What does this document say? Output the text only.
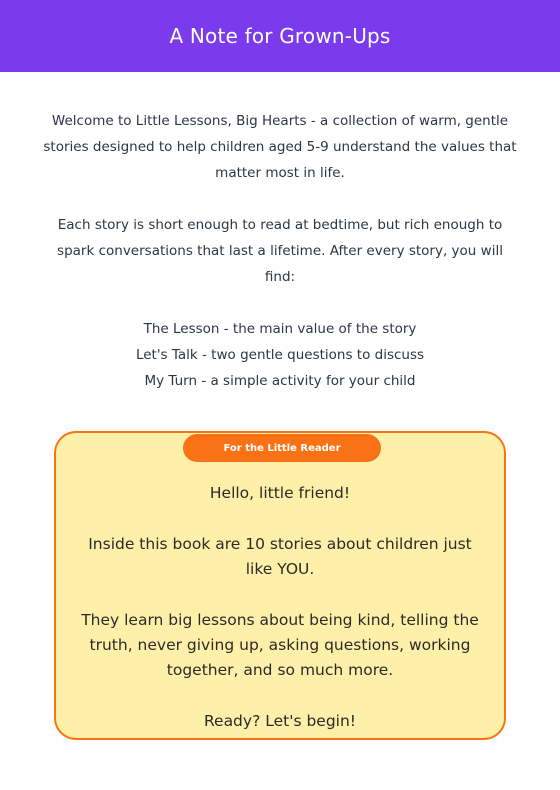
A Note for Grown-Ups

Welcome to Little Lessons, Big Hearts - a collection of warm, gentle stories designed to help children aged 5-9 understand the values that matter most in life.

Each story is short enough to read at bedtime, but rich enough to spark conversations that last a lifetime. After every story, you will find:

The Lesson - the main value of the story

Let's Talk - two gentle questions to discuss

My Turn - a simple activity for your child

For the Little Reader

Hello, little friend!

Inside this book are 10 stories about children just like YOU.

They learn big lessons about being kind, telling the truth, never giving up, asking questions, working together, and so much more.

Ready? Let's begin!
